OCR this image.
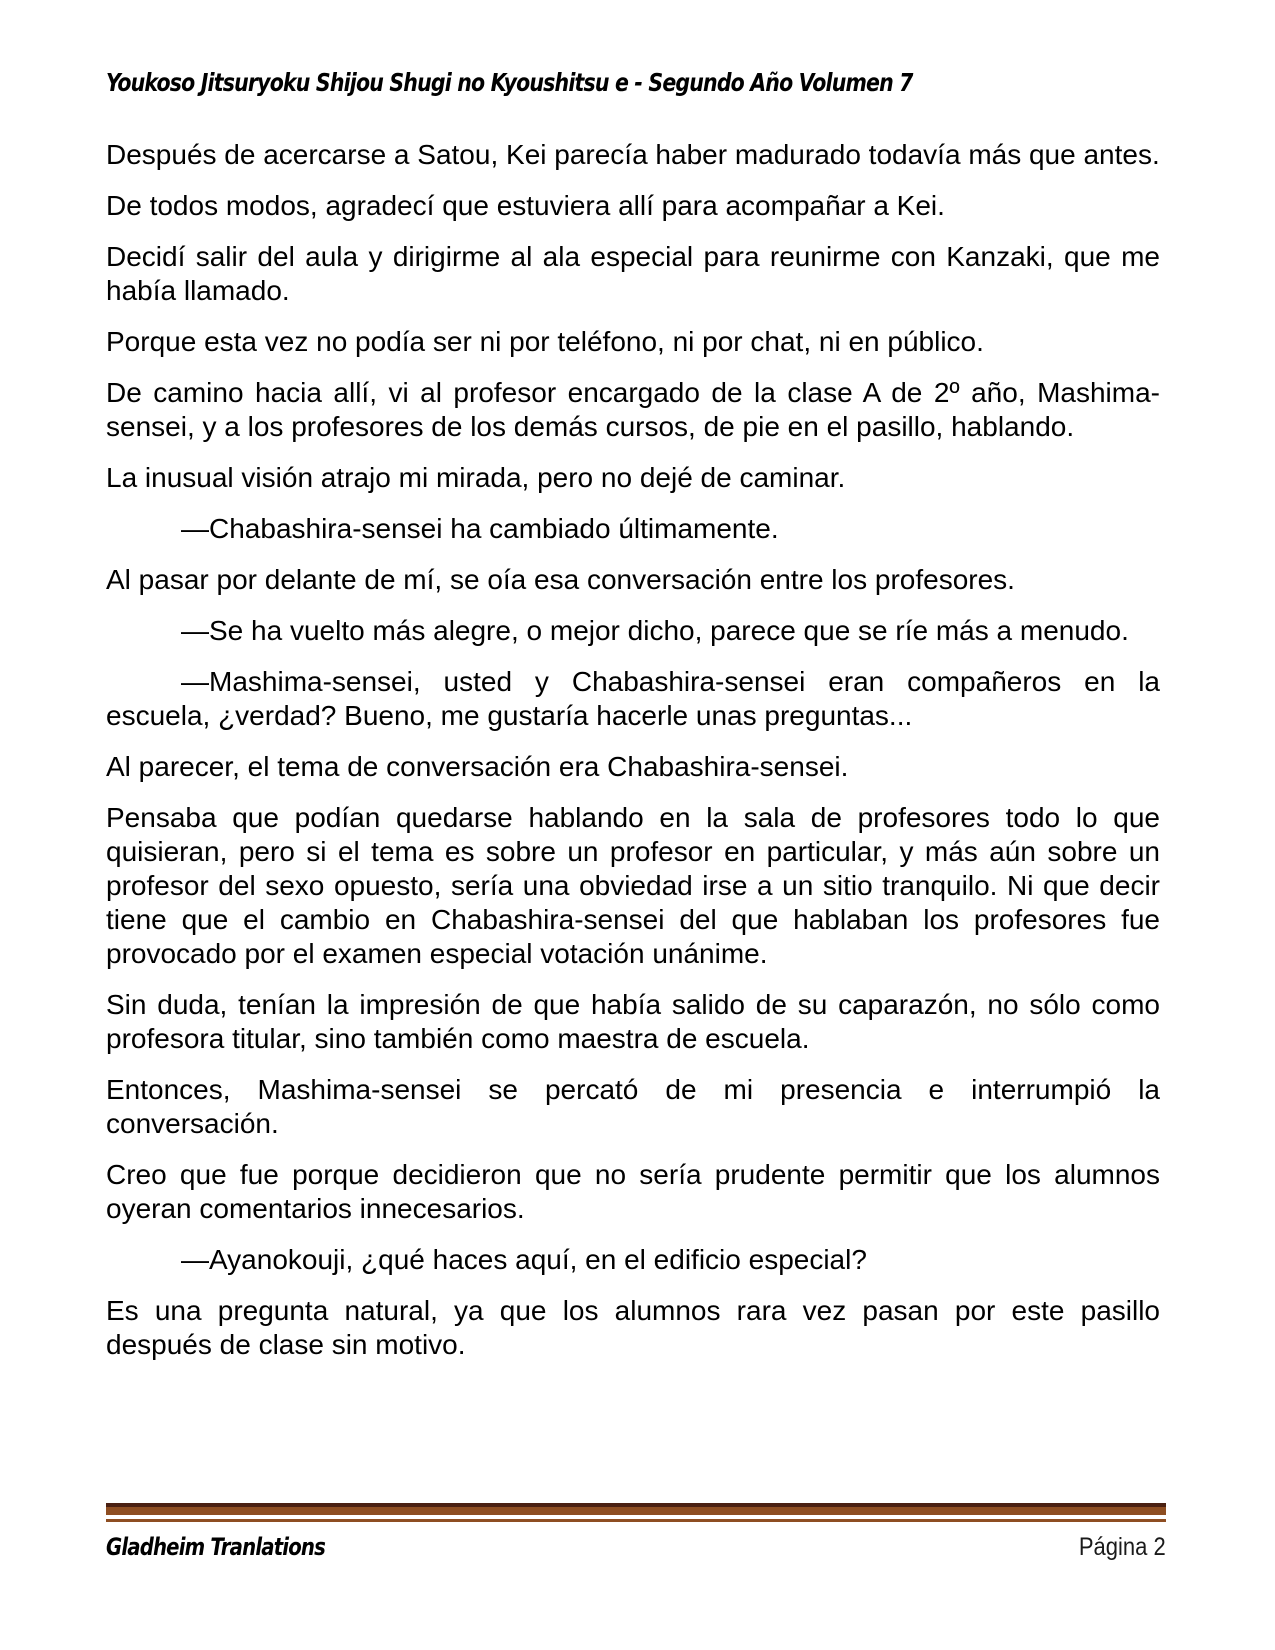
Youkoso Jitsuryoku Shijou Shugi no Kyoushitsu e - Segundo Año Volumen 7

Después de acercarse a Satou, Kei parecía haber madurado todavía más que antes.

De todos modos, agradecí que estuviera allí para acompañar a Kei.

Decidí salir del aula y dirigirme al ala especial para reunirme con Kanzaki, que me había llamado.

Porque esta vez no podía ser ni por teléfono, ni por chat, ni en público.

De camino hacia allí, vi al profesor encargado de la clase A de 2º año, Mashima-sensei, y a los profesores de los demás cursos, de pie en el pasillo, hablando.

La inusual visión atrajo mi mirada, pero no dejé de caminar.

—Chabashira-sensei ha cambiado últimamente.

Al pasar por delante de mí, se oía esa conversación entre los profesores.

—Se ha vuelto más alegre, o mejor dicho, parece que se ríe más a menudo.

—Mashima-sensei, usted y Chabashira-sensei eran compañeros en la escuela, ¿verdad? Bueno, me gustaría hacerle unas preguntas...

Al parecer, el tema de conversación era Chabashira-sensei.

Pensaba que podían quedarse hablando en la sala de profesores todo lo que quisieran, pero si el tema es sobre un profesor en particular, y más aún sobre un profesor del sexo opuesto, sería una obviedad irse a un sitio tranquilo. Ni que decir tiene que el cambio en Chabashira-sensei del que hablaban los profesores fue provocado por el examen especial votación unánime.

Sin duda, tenían la impresión de que había salido de su caparazón, no sólo como profesora titular, sino también como maestra de escuela.

Entonces, Mashima-sensei se percató de mi presencia e interrumpió la conversación.

Creo que fue porque decidieron que no sería prudente permitir que los alumnos oyeran comentarios innecesarios.

—Ayanokouji, ¿qué haces aquí, en el edificio especial?

Es una pregunta natural, ya que los alumnos rara vez pasan por este pasillo después de clase sin motivo.

Gladheim Tranlations	Página 2
